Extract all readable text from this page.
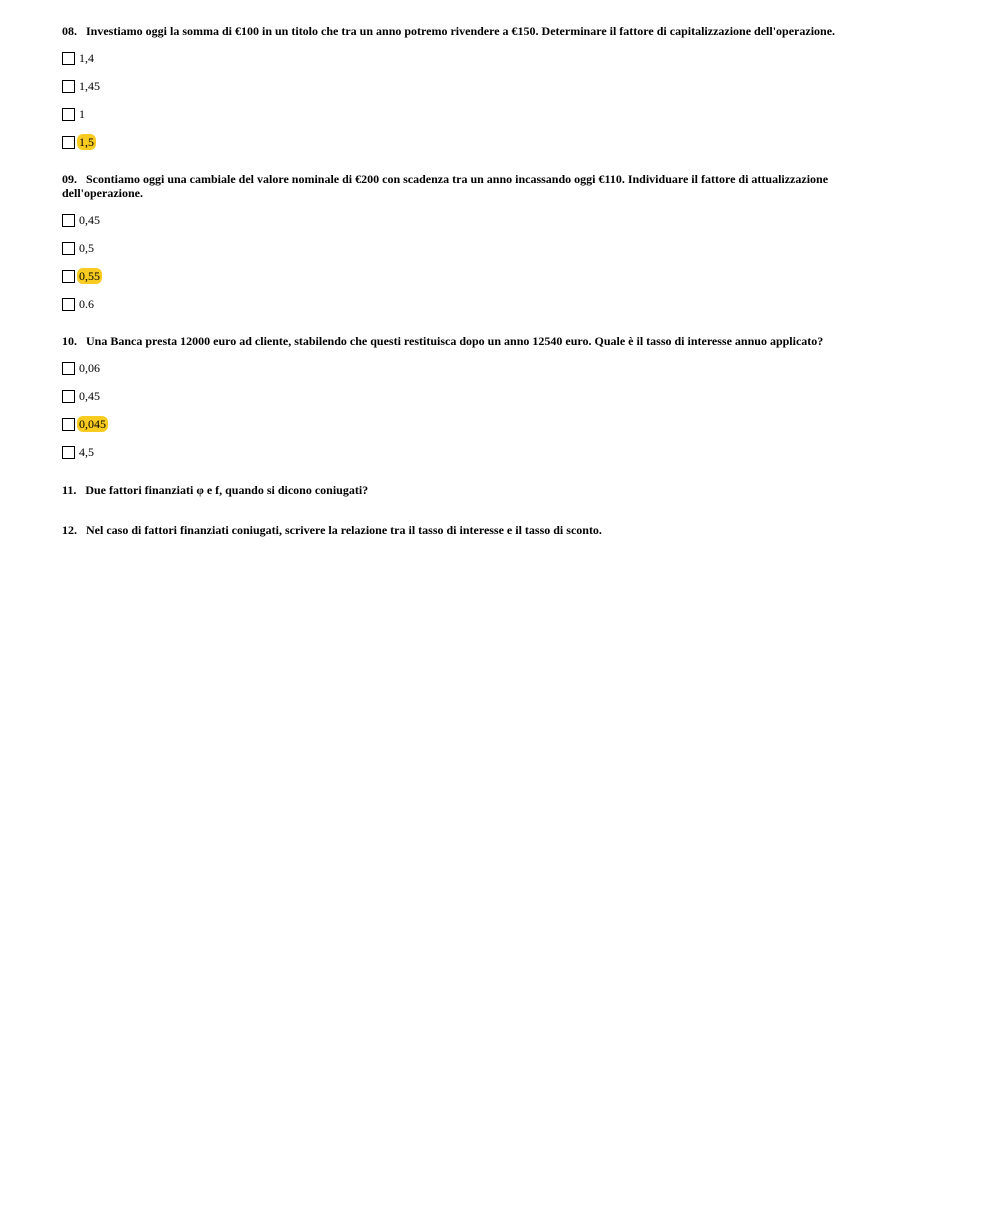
08. Investiamo oggi la somma di €100 in un titolo che tra un anno potremo rivendere a €150. Determinare il fattore di capitalizzazione dell'operazione.

1,4
1,45
1
1,5

09. Scontiamo oggi una cambiale del valore nominale di €200 con scadenza tra un anno incassando oggi €110. Individuare il fattore di attualizzazione dell'operazione.

0,45
0,5
0,55
0.6

10. Una Banca presta 12000 euro ad cliente, stabilendo che questi restituisca dopo un anno 12540 euro. Quale è il tasso di interesse annuo applicato?

0,06
0,45
0,045
4,5

11. Due fattori finanziati φ e f, quando si dicono coniugati?

12. Nel caso di fattori finanziati coniugati, scrivere la relazione tra il tasso di interesse e il tasso di sconto.
